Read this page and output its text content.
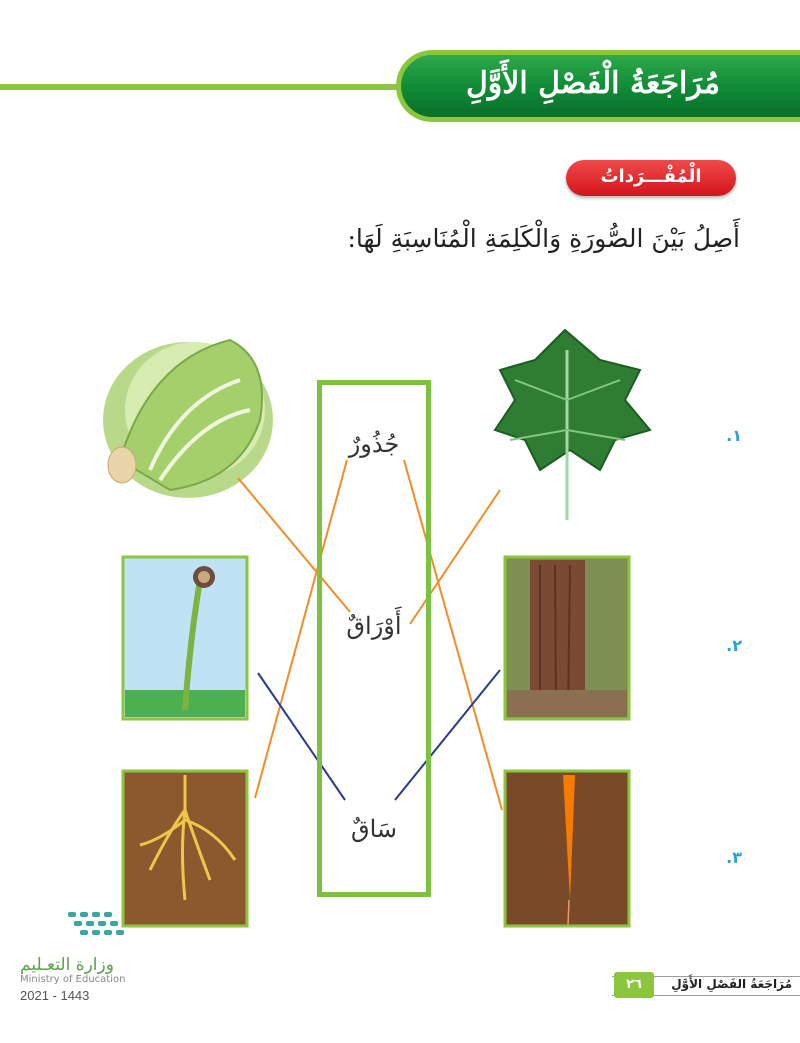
مُرَاجَعَةُ الْفَصْلِ الأَوَّلِ
الْمُفْـــرَداتُ
أَصِلُ بَيْنَ الصُّورَةِ وَالْكَلِمَةِ الْمُنَاسِبَةِ لَهَا:
جُذُورٌ
أَوْرَاقٌ
سَاقٌ
١.
٢.
٣.
وزارة التعـليم
Ministry of Education
2021 - 1443
٢٦	مُرَاجَعَةُ الفَصْلِ الأَوَّلِ
